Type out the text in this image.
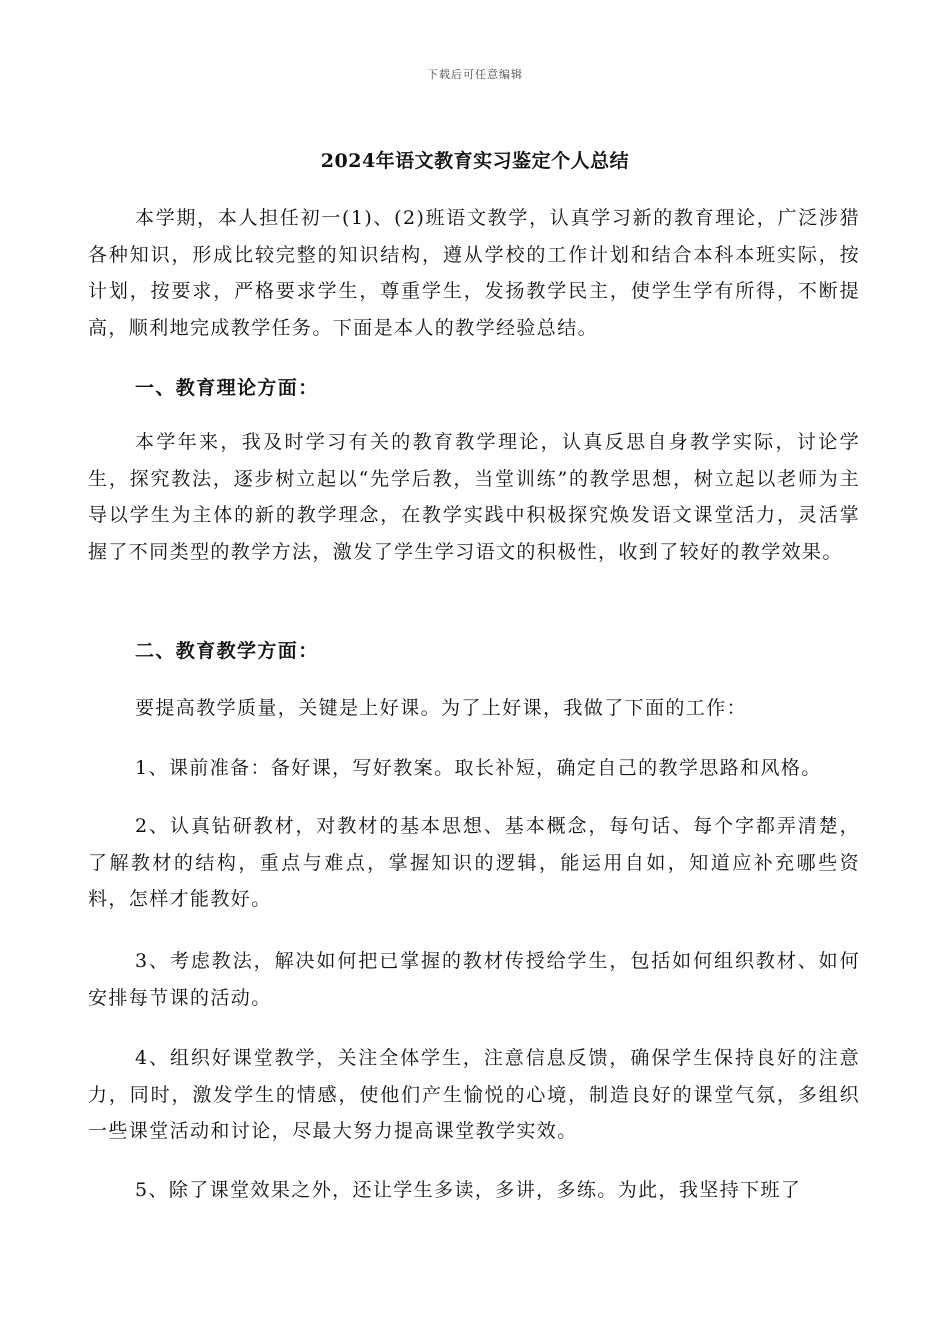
下载后可任意编辑
2024年语文教育实习鉴定个人总结

本学期，本人担任初一(1)、(2)班语文教学，认真学习新的教育理论，广泛涉猎各种知识，形成比较完整的知识结构，遵从学校的工作计划和结合本科本班实际，按计划，按要求，严格要求学生，尊重学生，发扬教学民主，使学生学有所得，不断提高，顺利地完成教学任务。下面是本人的教学经验总结。

一、教育理论方面：

本学年来，我及时学习有关的教育教学理论，认真反思自身教学实际，讨论学生，探究教法，逐步树立起以“先学后教，当堂训练”的教学思想，树立起以老师为主导以学生为主体的新的教学理念，在教学实践中积极探究焕发语文课堂活力，灵活掌握了不同类型的教学方法，激发了学生学习语文的积极性，收到了较好的教学效果。

二、教育教学方面：

要提高教学质量，关键是上好课。为了上好课，我做了下面的工作：

1、课前准备：备好课，写好教案。取长补短，确定自己的教学思路和风格。

2、认真钻研教材，对教材的基本思想、基本概念，每句话、每个字都弄清楚，了解教材的结构，重点与难点，掌握知识的逻辑，能运用自如，知道应补充哪些资料，怎样才能教好。

3、考虑教法，解决如何把已掌握的教材传授给学生，包括如何组织教材、如何安排每节课的活动。

4、组织好课堂教学，关注全体学生，注意信息反馈，确保学生保持良好的注意力，同时，激发学生的情感，使他们产生愉悦的心境，制造良好的课堂气氛，多组织一些课堂活动和讨论，尽最大努力提高课堂教学实效。

5、除了课堂效果之外，还让学生多读，多讲，多练。为此，我坚持下班了
